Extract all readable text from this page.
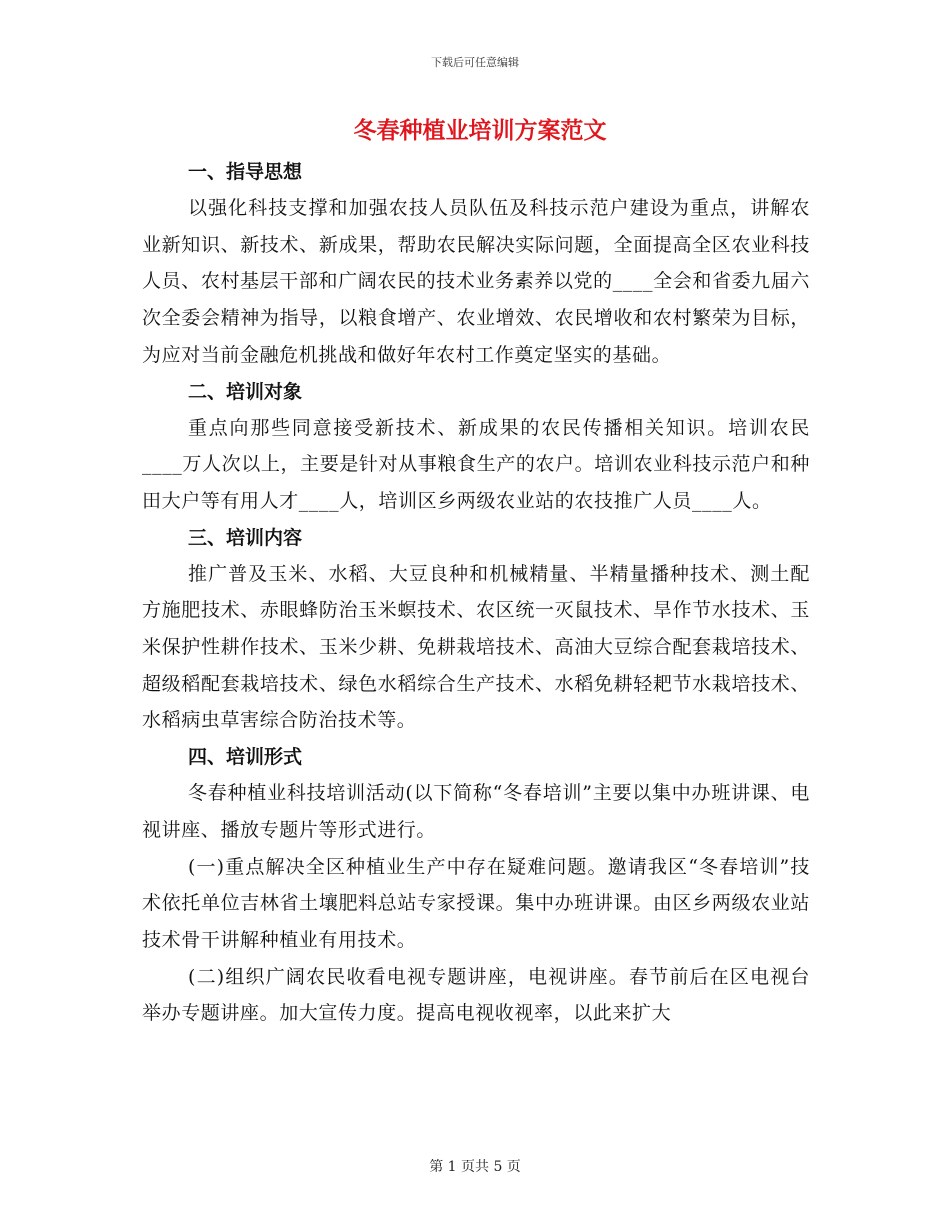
下载后可任意编辑
冬春种植业培训方案范文
一、指导思想

以强化科技支撑和加强农技人员队伍及科技示范户建设为重点，讲解农业新知识、新技术、新成果，帮助农民解决实际问题，全面提高全区农业科技人员、农村基层干部和广阔农民的技术业务素养以党的____全会和省委九届六次全委会精神为指导，以粮食增产、农业增效、农民增收和农村繁荣为目标，为应对当前金融危机挑战和做好年农村工作奠定坚实的基础。

二、培训对象

重点向那些同意接受新技术、新成果的农民传播相关知识。培训农民____万人次以上，主要是针对从事粮食生产的农户。培训农业科技示范户和种田大户等有用人才____人，培训区乡两级农业站的农技推广人员____人。

三、培训内容

推广普及玉米、水稻、大豆良种和机械精量、半精量播种技术、测土配方施肥技术、赤眼蜂防治玉米螟技术、农区统一灭鼠技术、旱作节水技术、玉米保护性耕作技术、玉米少耕、免耕栽培技术、高油大豆综合配套栽培技术、超级稻配套栽培技术、绿色水稻综合生产技术、水稻免耕轻耙节水栽培技术、水稻病虫草害综合防治技术等。

四、培训形式

冬春种植业科技培训活动(以下简称“冬春培训”主要以集中办班讲课、电视讲座、播放专题片等形式进行。

(一)重点解决全区种植业生产中存在疑难问题。邀请我区“冬春培训”技术依托单位吉林省土壤肥料总站专家授课。集中办班讲课。由区乡两级农业站技术骨干讲解种植业有用技术。

(二)组织广阔农民收看电视专题讲座，电视讲座。春节前后在区电视台举办专题讲座。加大宣传力度。提高电视收视率，以此来扩大

第 1 页共 5 页
